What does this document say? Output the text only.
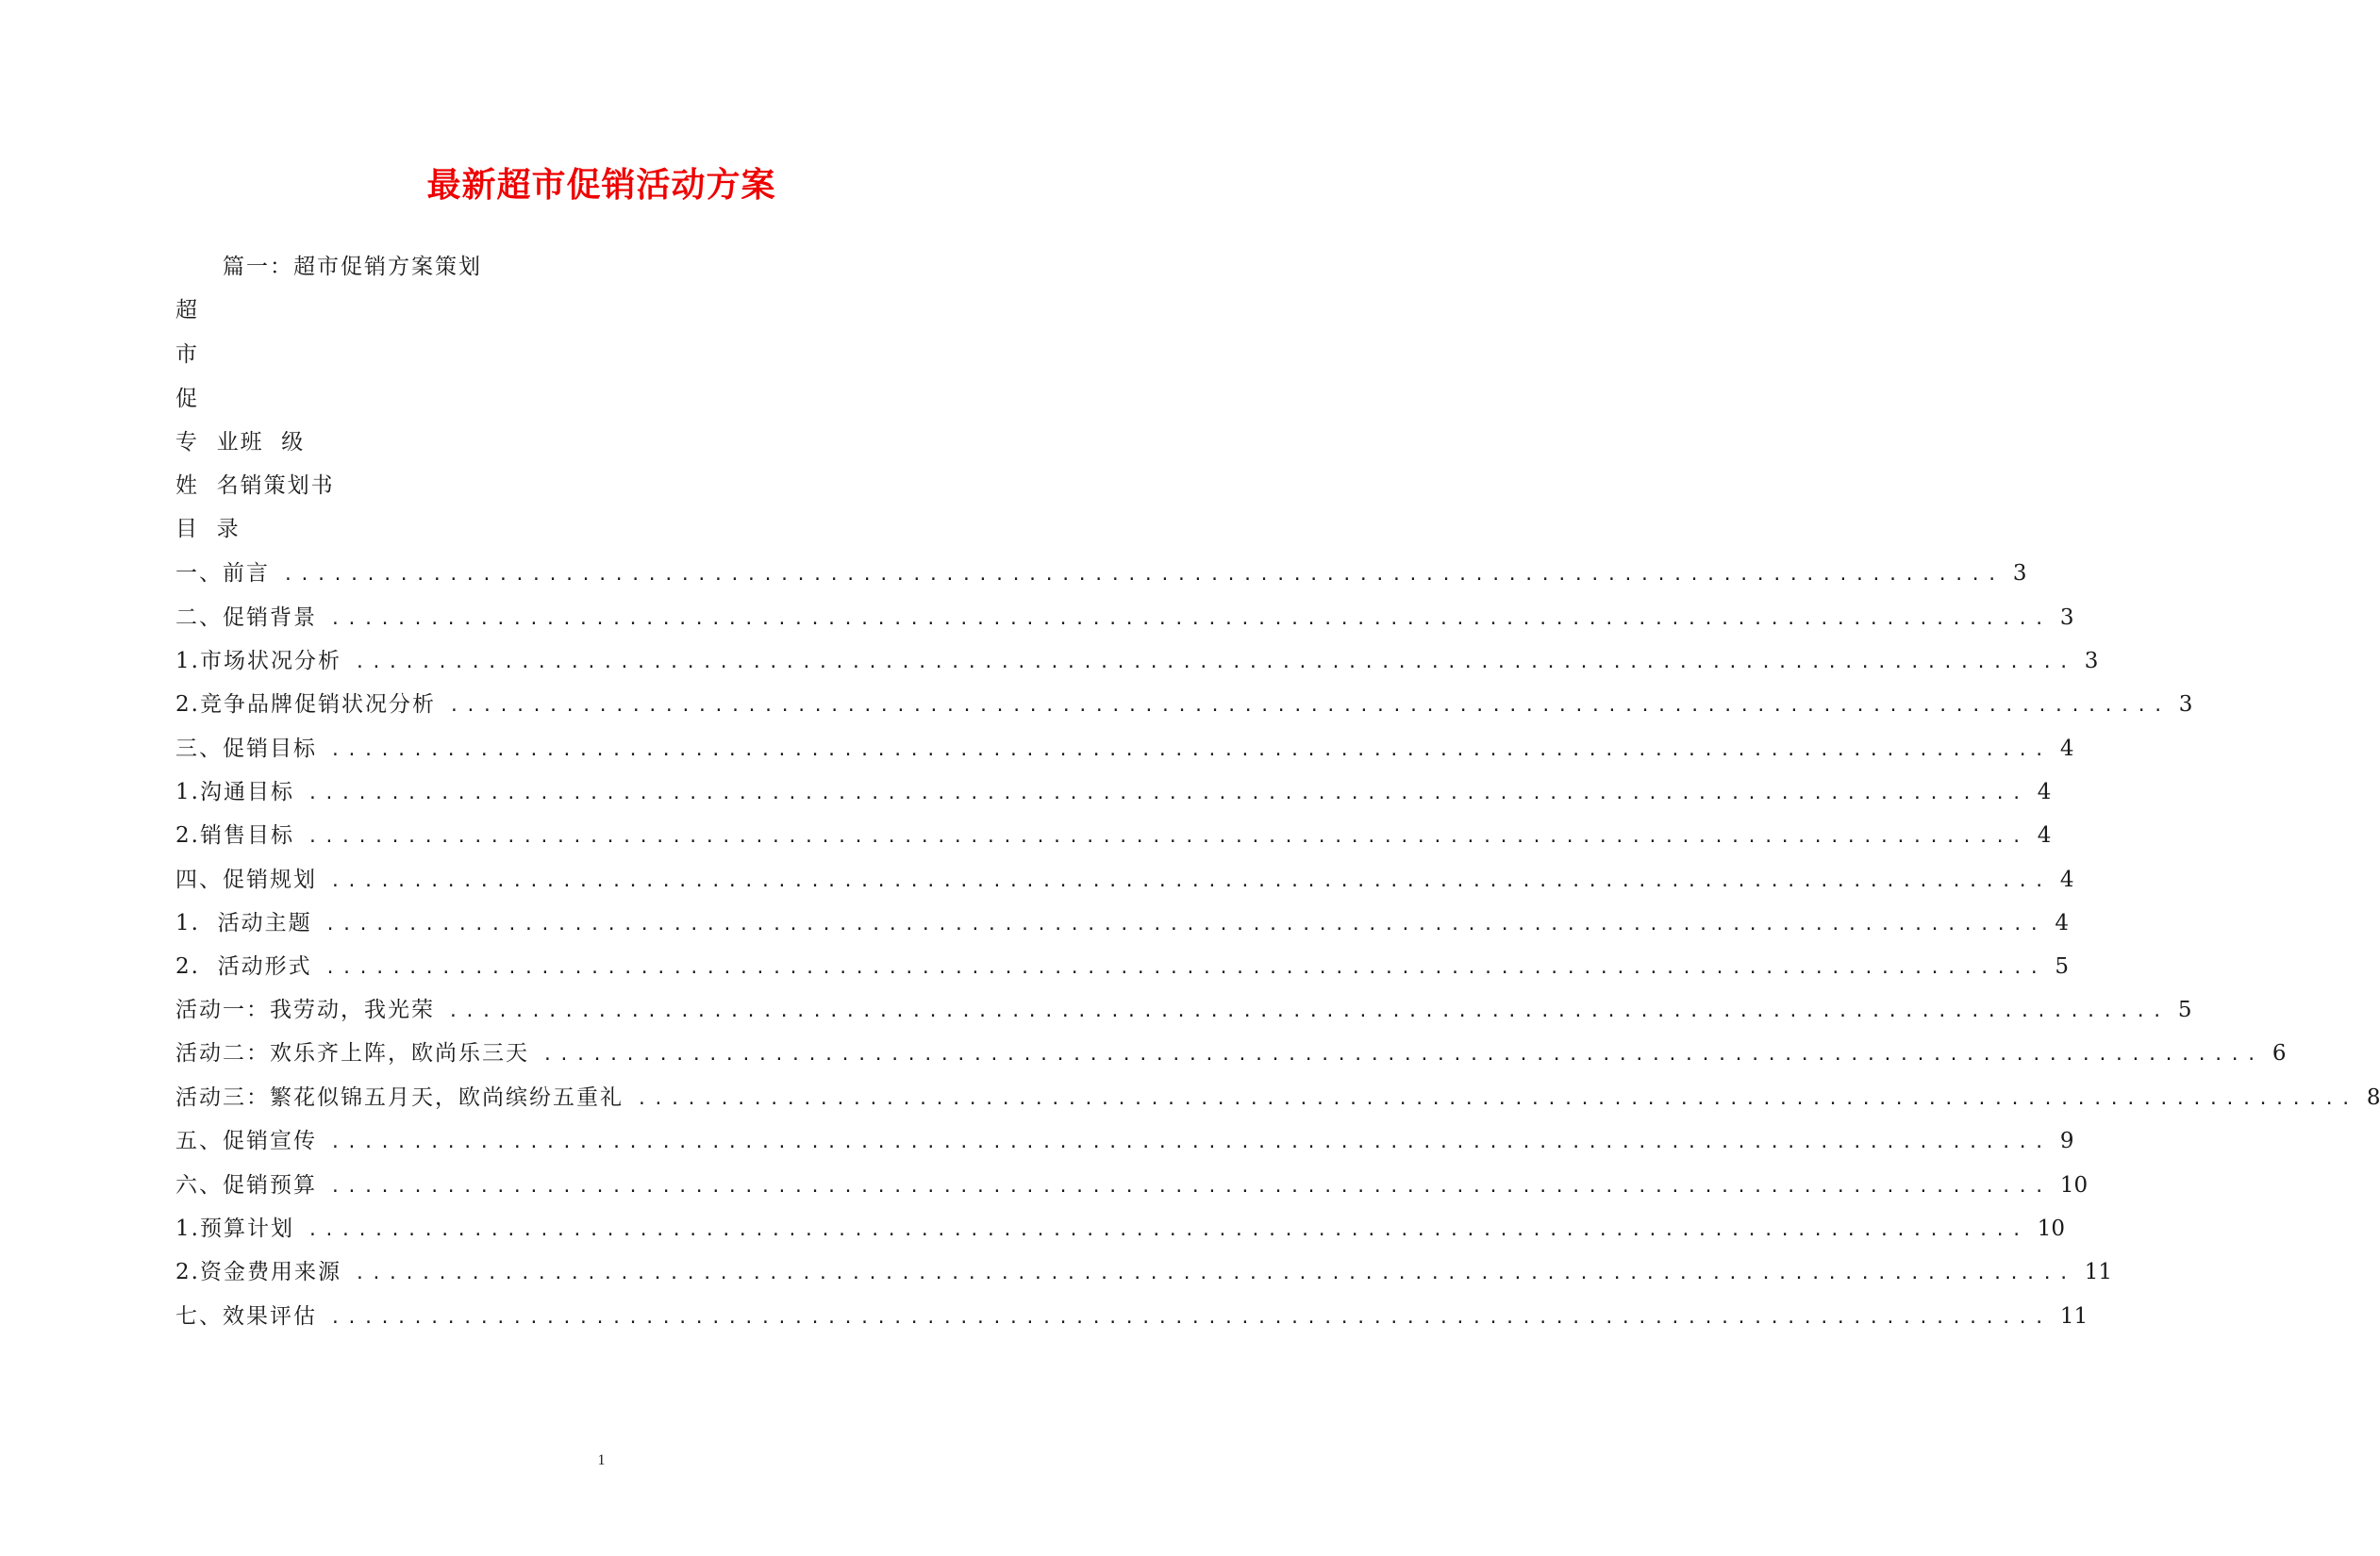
最新超市促销活动方案
篇一：超市促销方案策划
超
市
促
专  业班  级
姓  名销策划书
目  录
一、前言 ........................................................................................................ 3
二、促销背景 ........................................................................................................ 3
1.市场状况分析 ........................................................................................................ 3
2.竞争品牌促销状况分析 ........................................................................................................ 3
三、促销目标 ........................................................................................................ 4
1.沟通目标 ........................................................................................................ 4
2.销售目标 ........................................................................................................ 4
四、促销规划 ........................................................................................................ 4
1.  活动主题 ........................................................................................................ 4
2.  活动形式 ........................................................................................................ 5
活动一：我劳动，我光荣 ........................................................................................................ 5
活动二：欢乐齐上阵，欧尚乐三天 ........................................................................................................ 6
活动三：繁花似锦五月天，欧尚缤纷五重礼 ........................................................................................................ 8
五、促销宣传 ........................................................................................................ 9
六、促销预算 ........................................................................................................ 10
1.预算计划 ........................................................................................................ 10
2.资金费用来源 ........................................................................................................ 11
七、效果评估 ........................................................................................................ 11
1
